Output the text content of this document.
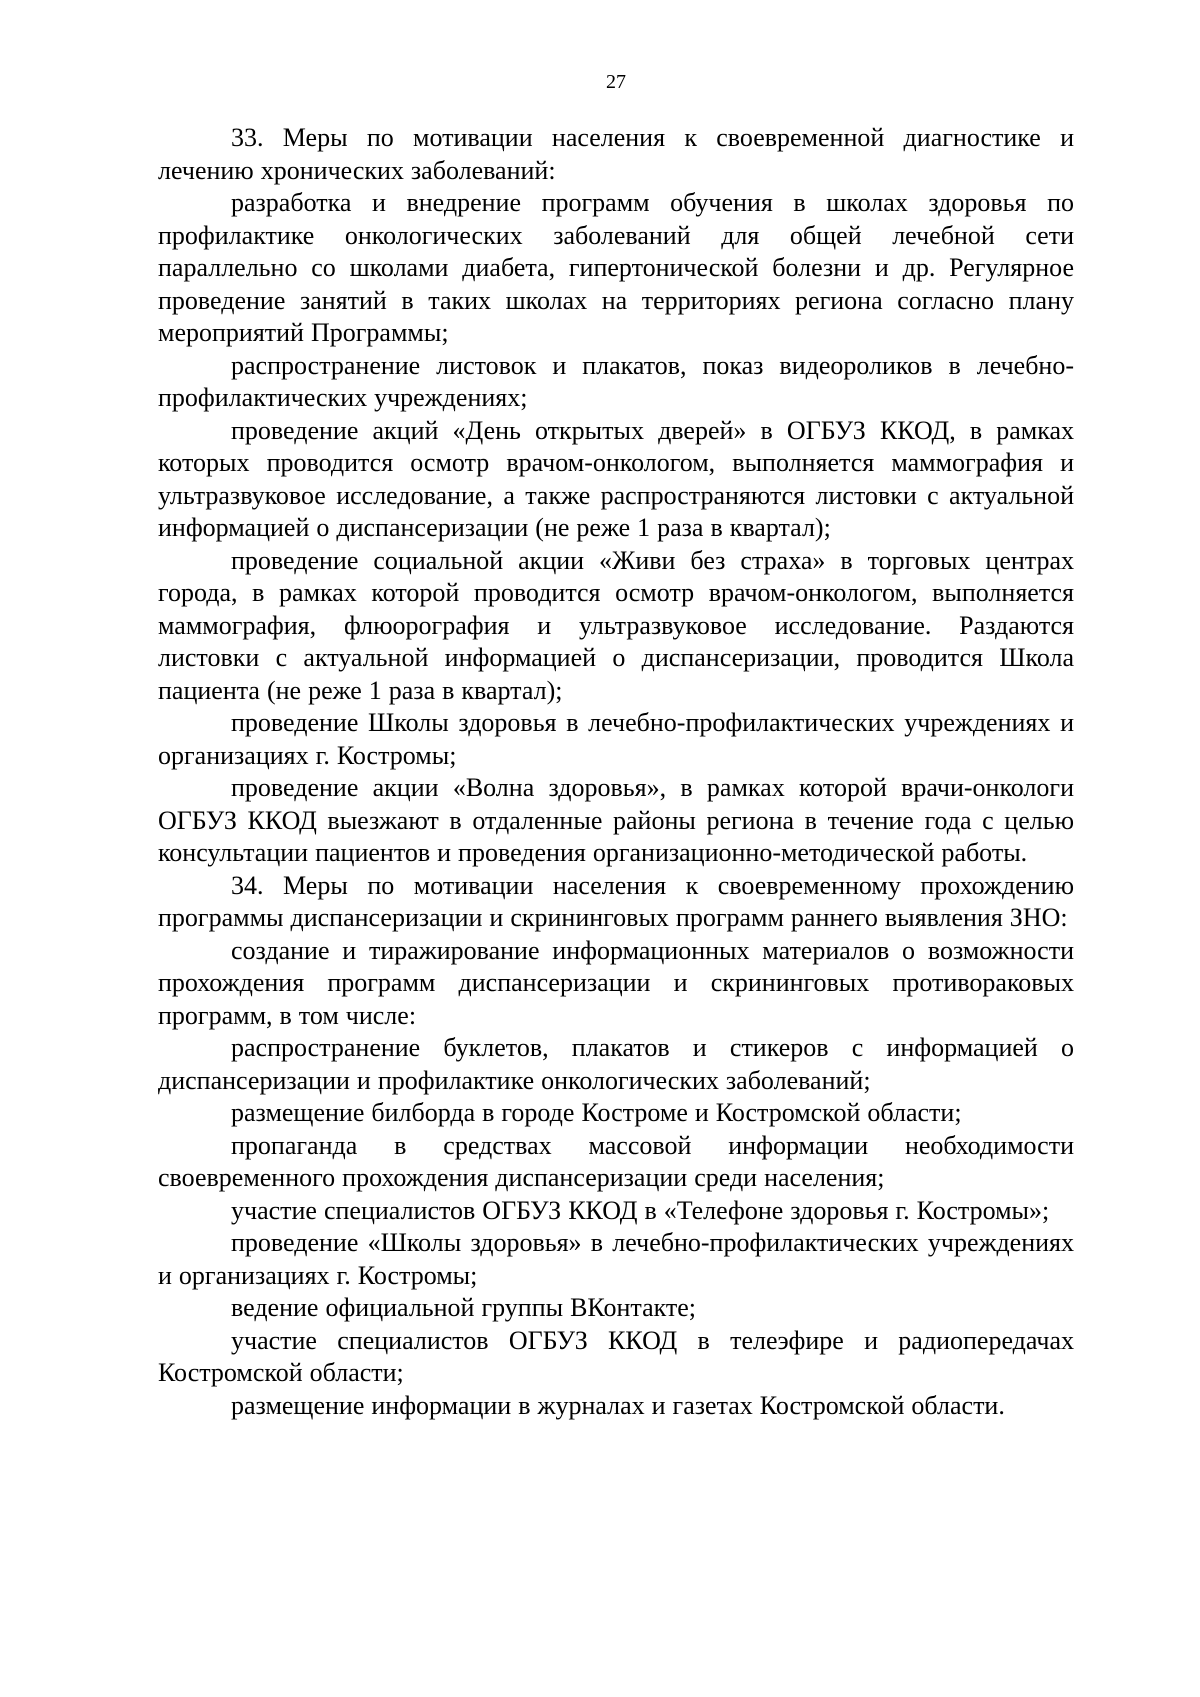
27

33. Меры по мотивации населения к своевременной диагностике и лечению хронических заболеваний:

разработка и внедрение программ обучения в школах здоровья по профилактике онкологических заболеваний для общей лечебной сети параллельно со школами диабета, гипертонической болезни и др. Регулярное проведение занятий в таких школах на территориях региона согласно плану мероприятий Программы;

распространение листовок и плакатов, показ видеороликов в лечебно-профилактических учреждениях;

проведение акций «День открытых дверей» в ОГБУЗ ККОД, в рамках которых проводится осмотр врачом-онкологом, выполняется маммография и ультразвуковое исследование, а также распространяются листовки с актуальной информацией о диспансеризации (не реже 1 раза в квартал);

проведение социальной акции «Живи без страха» в торговых центрах города, в рамках которой проводится осмотр врачом-онкологом, выполняется маммография, флюорография и ультразвуковое исследование. Раздаются листовки с актуальной информацией о диспансеризации, проводится Школа пациента (не реже 1 раза в квартал);

проведение Школы здоровья в лечебно-профилактических учреждениях и организациях г. Костромы;

проведение акции «Волна здоровья», в рамках которой врачи-онкологи ОГБУЗ ККОД выезжают в отдаленные районы региона в течение года с целью консультации пациентов и проведения организационно-методической работы.

34. Меры по мотивации населения к своевременному прохождению программы диспансеризации и скрининговых программ раннего выявления ЗНО:

создание и тиражирование информационных материалов о возможности прохождения программ диспансеризации и скрининговых противораковых программ, в том числе:

распространение буклетов, плакатов и стикеров с информацией о диспансеризации и профилактике онкологических заболеваний;

размещение билборда в городе Костроме и Костромской области;

пропаганда в средствах массовой информации необходимости своевременного прохождения диспансеризации среди населения;

участие специалистов ОГБУЗ ККОД в «Телефоне здоровья г. Костромы»;

проведение «Школы здоровья» в лечебно-профилактических учреждениях и организациях г. Костромы;

ведение официальной группы ВКонтакте;

участие специалистов ОГБУЗ ККОД в телеэфире и радиопередачах Костромской области;

размещение информации в журналах и газетах Костромской области.
